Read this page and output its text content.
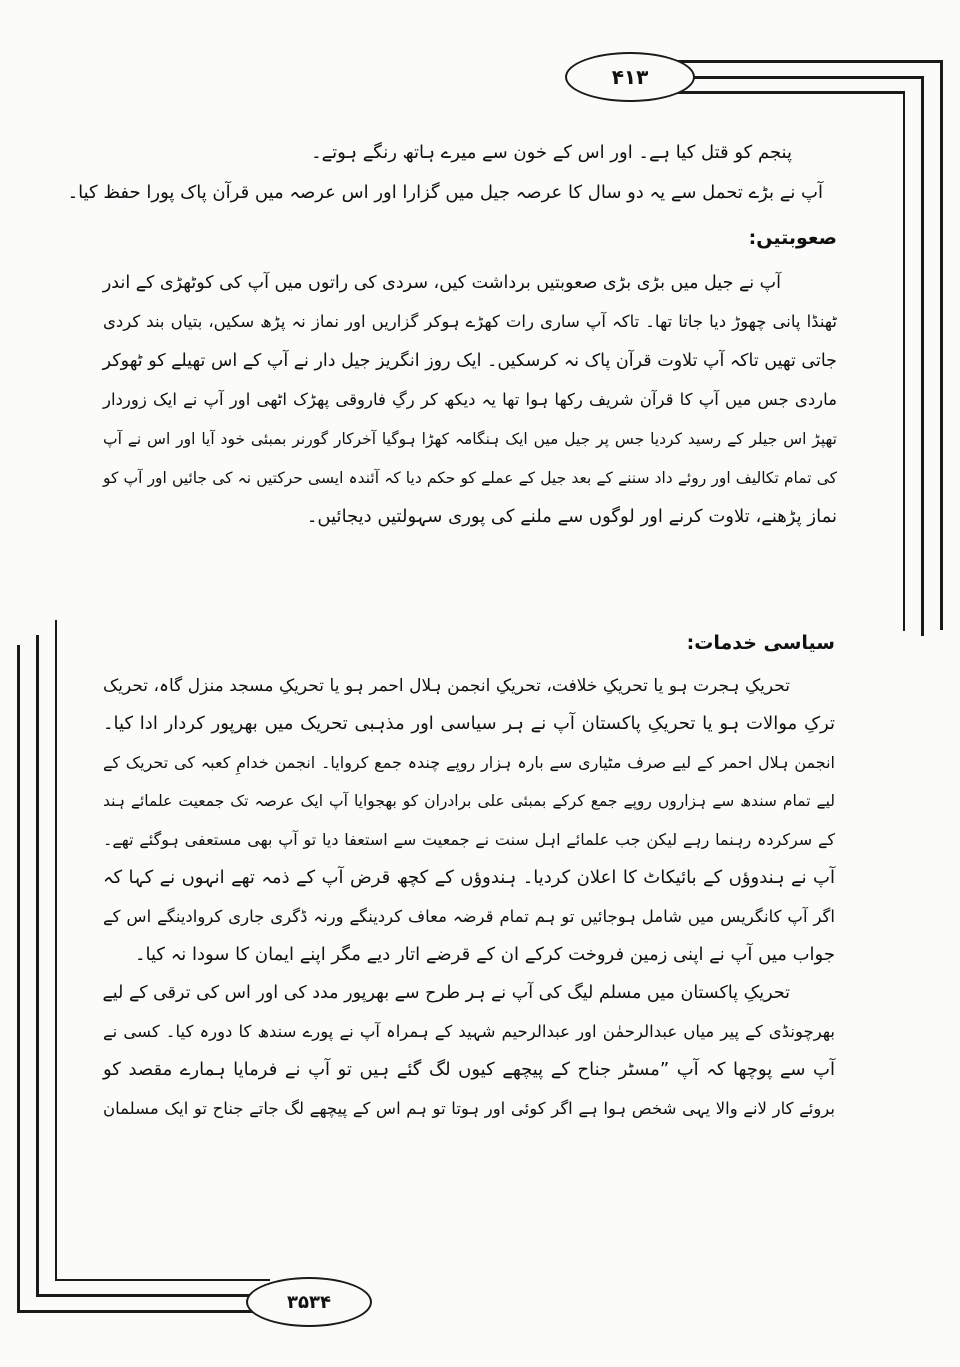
۴۱۳
۳۵۳۴
پنجم کو قتل کیا ہے۔ اور اس کے خون سے میرے ہاتھ رنگے ہوتے۔
آپ نے بڑے تحمل سے یہ دو سال کا عرصہ جیل میں گزارا اور اس عرصہ میں قرآن پاک پورا حفظ کیا۔
صعوبتیں:
آپ نے جیل میں بڑی بڑی صعوبتیں برداشت کیں، سردی کی راتوں میں آپ کی کوٹھڑی کے اندر
ٹھنڈا پانی چھوڑ دیا جاتا تھا۔ تاکہ آپ ساری رات کھڑے ہوکر گزاریں اور نماز نہ پڑھ سکیں، بتیاں بند کردی
جاتی تھیں تاکہ آپ تلاوت قرآن پاک نہ کرسکیں۔ ایک روز انگریز جیل دار نے آپ کے اس تھیلے کو ٹھوکر
ماردی جس میں آپ کا قرآن شریف رکھا ہوا تھا یہ دیکھ کر رگِ فاروقی پھڑک اٹھی اور آپ نے ایک زوردار
تھپڑ اس جیلر کے رسید کردیا جس پر جیل میں ایک ہنگامہ کھڑا ہوگیا آخرکار گورنر بمبئی خود آیا اور اس نے آپ
کی تمام تکالیف اور روئے داد سننے کے بعد جیل کے عملے کو حکم دیا کہ آئندہ ایسی حرکتیں نہ کی جائیں اور آپ کو
نماز پڑھنے، تلاوت کرنے اور لوگوں سے ملنے کی پوری سہولتیں دیجائیں۔
سیاسی خدمات:
تحریکِ ہجرت ہو یا تحریکِ خلافت، تحریکِ انجمن ہلال احمر ہو یا تحریکِ مسجد منزل گاہ، تحریک
ترکِ موالات ہو یا تحریکِ پاکستان آپ نے ہر سیاسی اور مذہبی تحریک میں بھرپور کردار ادا کیا۔
انجمن ہلال احمر کے لیے صرف مٹیاری سے بارہ ہزار روپے چندہ جمع کروایا۔ انجمن خدامِ کعبہ کی تحریک کے
لیے تمام سندھ سے ہزاروں روپے جمع کرکے بمبئی علی برادران کو بھجوایا آپ ایک عرصہ تک جمعیت علمائے ہند
کے سرکردہ رہنما رہے لیکن جب علمائے اہل سنت نے جمعیت سے استعفا دیا تو آپ بھی مستعفی ہوگئے تھے۔
آپ نے ہندوؤں کے بائیکاٹ کا اعلان کردیا۔ ہندوؤں کے کچھ قرض آپ کے ذمہ تھے انہوں نے کہا کہ
اگر آپ کانگریس میں شامل ہوجائیں تو ہم تمام قرضہ معاف کردینگے ورنہ ڈگری جاری کروادینگے اس کے
جواب میں آپ نے اپنی زمین فروخت کرکے ان کے قرضے اتار دیے مگر اپنے ایمان کا سودا نہ کیا۔
تحریکِ پاکستان میں مسلم لیگ کی آپ نے ہر طرح سے بھرپور مدد کی اور اس کی ترقی کے لیے
بھرچونڈی کے پیر میاں عبدالرحمٰن اور عبدالرحیم شہید کے ہمراہ آپ نے پورے سندھ کا دورہ کیا۔ کسی نے
آپ سے پوچھا کہ آپ ”مسٹر جناح کے پیچھے کیوں لگ گئے ہیں تو آپ نے فرمایا ہمارے مقصد کو
بروئے کار لانے والا یہی شخص ہوا ہے اگر کوئی اور ہوتا تو ہم اس کے پیچھے لگ جاتے جناح تو ایک مسلمان
